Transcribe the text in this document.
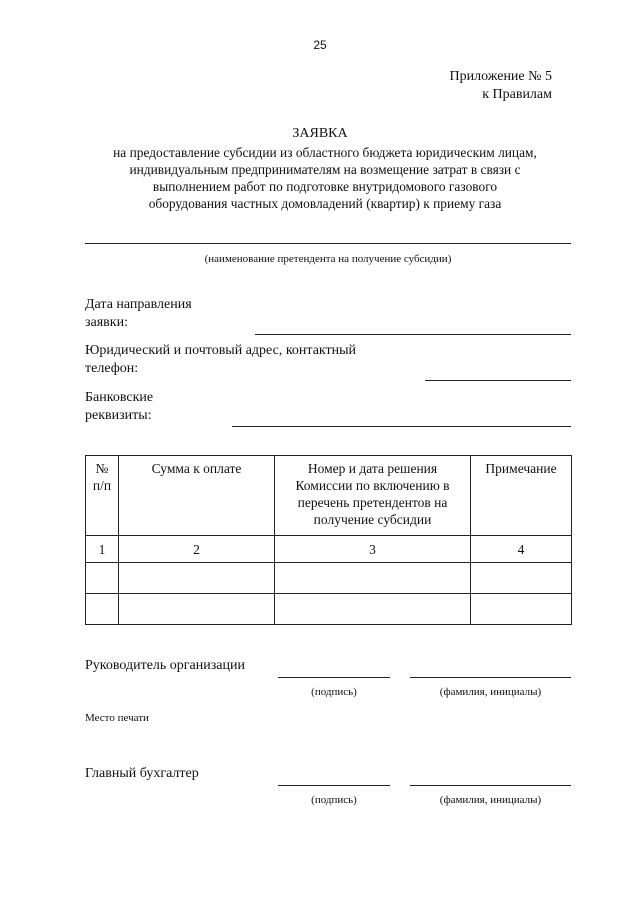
25
Приложение № 5
к Правилам
ЗАЯВКА
на предоставление субсидии из областного бюджета юридическим лицам,
индивидуальным предпринимателям на возмещение затрат в связи с
выполнением работ по подготовке внутридомового газового
оборудования частных домовладений (квартир) к приему газа
(наименование претендента на получение субсидии)
Дата направления
заявки:
Юридический и почтовый адрес, контактный
телефон:
Банковские
реквизиты:
№ п/п	Сумма к оплате	Номер и дата решения Комиссии по включению в перечень претендентов на получение субсидии	Примечание
1	2	3	4

Руководитель организации
(подпись)	(фамилия, инициалы)
Место печати
Главный бухгалтер
(подпись)	(фамилия, инициалы)
